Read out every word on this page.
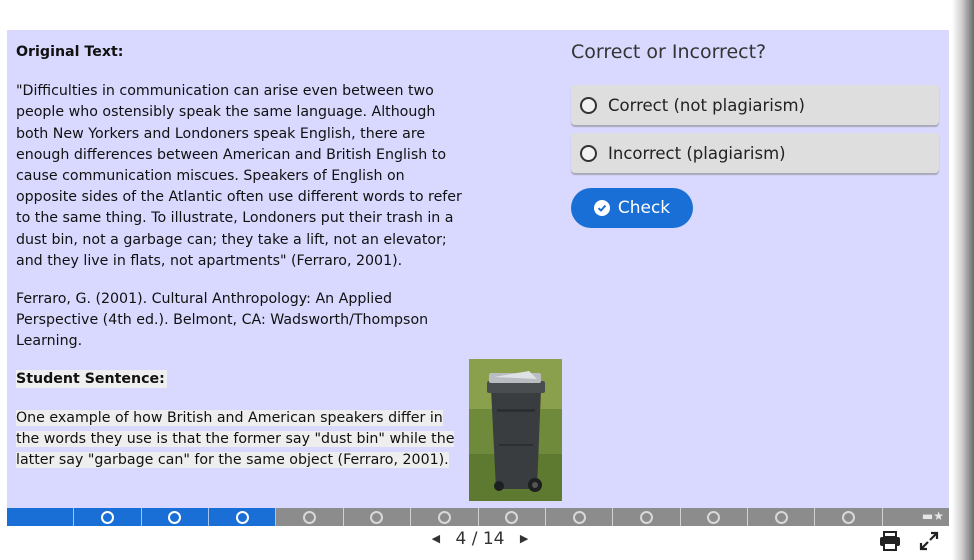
Original Text:
"Difficulties in communication can arise even between two people who ostensibly speak the same language. Although both New Yorkers and Londoners speak English, there are enough differences between American and British English to cause communication miscues. Speakers of English on opposite sides of the Atlantic often use different words to refer to the same thing. To illustrate, Londoners put their trash in a dust bin, not a garbage can; they take a lift, not an elevator; and they live in flats, not apartments" (Ferraro, 2001).
Ferraro, G. (2001). Cultural Anthropology: An Applied Perspective (4th ed.). Belmont, CA: Wadsworth/Thompson Learning.
Student Sentence:
One example of how British and American speakers differ in the words they use is that the former say "dust bin" while the latter say "garbage can" for the same object (Ferraro, 2001).
Correct or Incorrect?
Correct (not plagiarism)
Incorrect (plagiarism)
Check
▬★
◀ 4 / 14 ▶
